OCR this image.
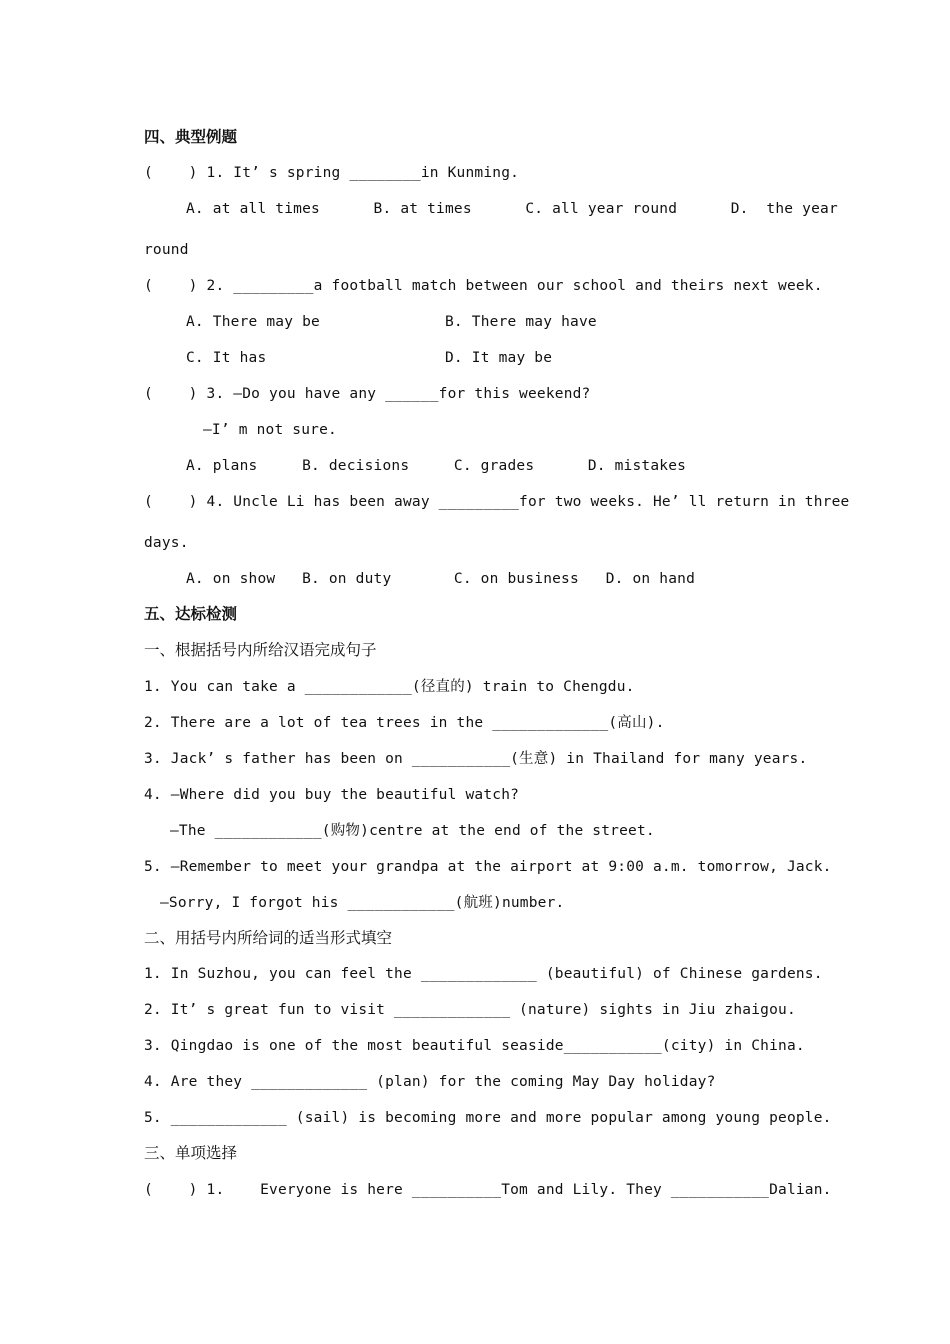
四、典型例题
(    ) 1. It’ s spring ________in Kunming.
A. at all times      B. at times      C. all year round      D.  the year
round
(    ) 2. _________a football match between our school and theirs next week.
A. There may be	B. There may have
C. It has	D. It may be
(    ) 3. —Do you have any ______for this weekend?
—I’ m not sure.
A. plans     B. decisions     C. grades      D. mistakes
(    ) 4. Uncle Li has been away _________for two weeks. He’ ll return in three
days.
A. on show   B. on duty       C. on business   D. on hand
五、达标检测
一、根据括号内所给汉语完成句子
1. You can take a ____________(径直的) train to Chengdu.
2. There are a lot of tea trees in the _____________(高山).
3. Jack’ s father has been on ___________(生意) in Thailand for many years.
4. —Where did you buy the beautiful watch?
—The ____________(购物)centre at the end of the street.
5. —Remember to meet your grandpa at the airport at 9:00 a.m. tomorrow, Jack.
—Sorry, I forgot his ____________(航班)number.
二、用括号内所给词的适当形式填空
1. In Suzhou, you can feel the _____________ (beautiful) of Chinese gardens.
2. It’ s great fun to visit _____________ (nature) sights in Jiu zhaigou.
3. Qingdao is one of the most beautiful seaside___________(city) in China.
4. Are they _____________ (plan) for the coming May Day holiday?
5. _____________ (sail) is becoming more and more popular among young people.
三、单项选择
(    ) 1.    Everyone is here __________Tom and Lily. They ___________Dalian.
